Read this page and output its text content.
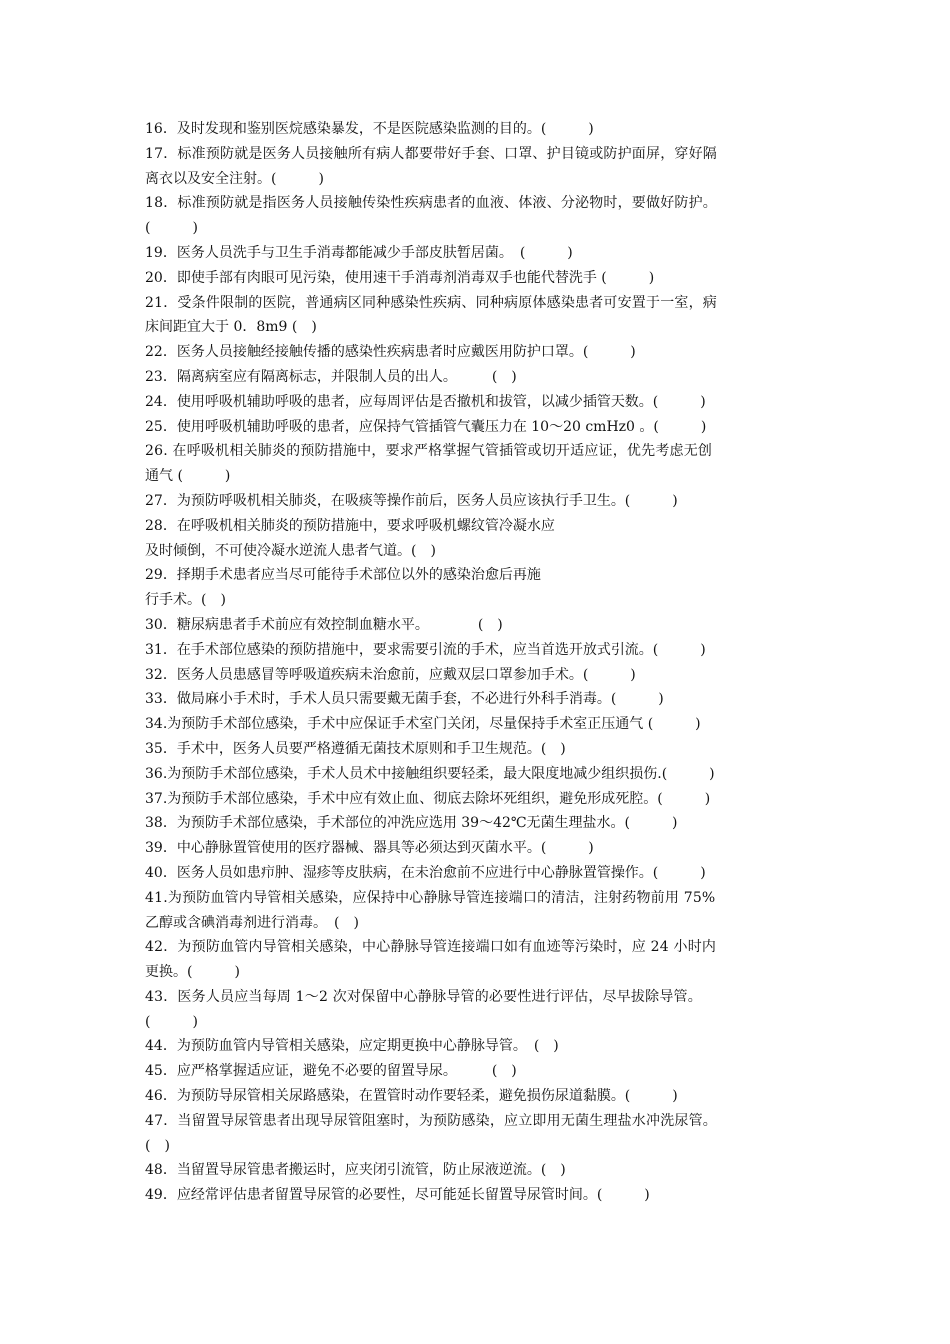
16．及时发现和鉴别医烷感染暴发，不是医院感染监测的目的。(　　　)
17．标准预防就是医务人员接触所有病人都要带好手套、口罩、护目镜或防护面屏，穿好隔
离衣以及安全注射。(　　　)
18．标准预防就是指医务人员接触传染性疾病患者的血液、体液、分泌物时，要做好防护。
(　　　)
19．医务人员洗手与卫生手消毒都能减少手部皮肤暂居菌。　(　　　)
20．即使手部有肉眼可见污染，使用速干手消毒剂消毒双手也能代替洗手 (　　　)
21．受条件限制的医院，普通病区同种感染性疾病、同种病原体感染患者可安置于一室，病
床间距宜大于 0．8m9 (　)
22．医务人员接触经接触传播的感染性疾病患者时应戴医用防护口罩。(　　　)
23．隔离病室应有隔离标志，并限制人员的出人。　　　(　)
24．使用呼吸机辅助呼吸的患者，应每周评估是否撤机和拔管，以减少插管天数。(　　　)
25．使用呼吸机辅助呼吸的患者，应保持气管插管气囊压力在 10～20 cmHz0 。(　　　)
26. 在呼吸机相关肺炎的预防措施中，要求严格掌握气管插管或切开适应证，优先考虑无创
通气 (　　　)
27．为预防呼吸机相关肺炎，在吸痰等操作前后，医务人员应该执行手卫生。(　　　)
28．在呼吸机相关肺炎的预防措施中，要求呼吸机螺纹管冷凝水应
及时倾倒，不可使冷凝水逆流人患者气道。(　)
29．择期手术患者应当尽可能待手术部位以外的感染治愈后再施
行手术。(　)
30．糖尿病患者手术前应有效控制血糖水平。　　　　(　)
31．在手术部位感染的预防措施中，要求需要引流的手术，应当首选开放式引流。(　　　)
32．医务人员患感冒等呼吸道疾病未治愈前，应戴双层口罩参加手术。(　　　)
33．做局麻小手术时，手术人员只需要戴无菌手套，不必进行外科手消毒。(　　　)
34.为预防手术部位感染，手术中应保证手术室门关闭，尽量保持手术室正压通气 (　　　)
35．手术中，医务人员要严格遵循无菌技术原则和手卫生规范。(　)
36.为预防手术部位感染，手术人员术中接触组织要轻柔，最大限度地减少组织损伤.(　　　)
37.为预防手术部位感染，手术中应有效止血、彻底去除坏死组织，避免形成死腔。(　　　)
38．为预防手术部位感染，手术部位的冲洗应选用 39～42℃无菌生理盐水。(　　　)
39．中心静脉置管使用的医疗器械、器具等必须达到灭菌水平。(　　　)
40．医务人员如患疖肿、湿疹等皮肤病，在未治愈前不应进行中心静脉置管操作。(　　　)
41.为预防血管内导管相关感染，应保持中心静脉导管连接端口的清洁，注射药物前用 75%
乙醇或含碘消毒剂进行消毒。　(　)
42．为预防血管内导管相关感染，中心静脉导管连接端口如有血迹等污染时，应 24 小时内
更换。(　　　)
43．医务人员应当每周 1～2 次对保留中心静脉导管的必要性进行评估，尽早拔除导管。
(　　　)
44．为预防血管内导管相关感染，应定期更换中心静脉导管。　(　)
45．应严格掌握适应证，避免不必要的留置导尿。　　　(　)
46．为预防导尿管相关尿路感染，在置管时动作要轻柔，避免损伤尿道黏膜。(　　　)
47．当留置导尿管患者出现导尿管阻塞时，为预防感染，应立即用无菌生理盐水冲洗尿管。
(　)
48．当留置导尿管患者搬运时，应夹闭引流管，防止尿液逆流。(　)
49．应经常评估患者留置导尿管的必要性，尽可能延长留置导尿管时间。(　　　)
